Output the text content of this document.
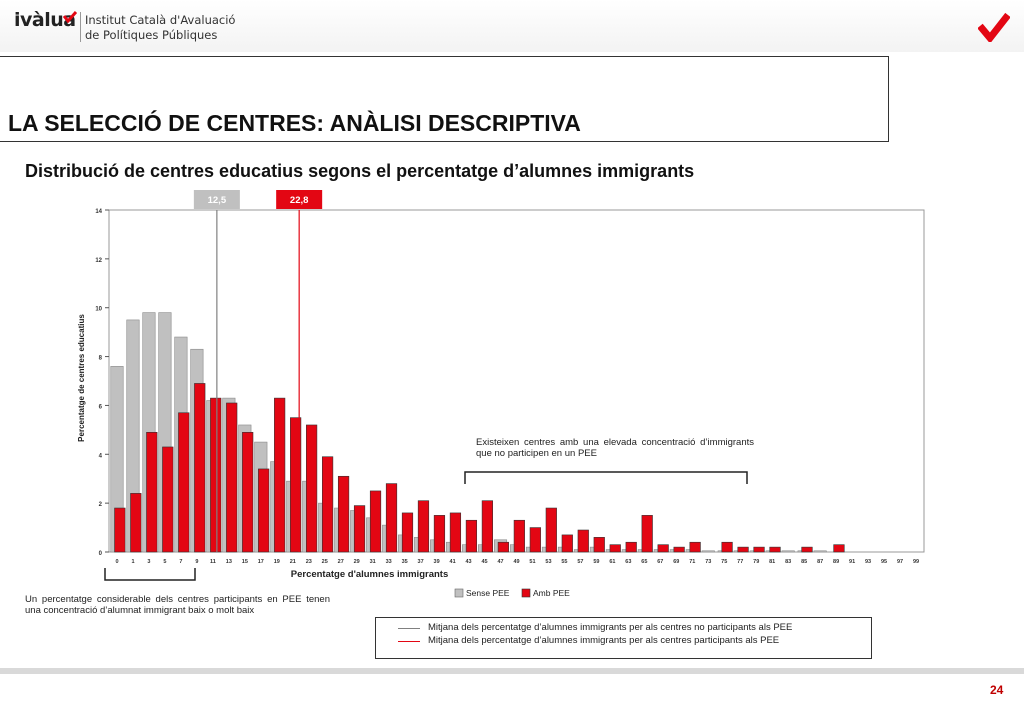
ivàlua Institut Català d'Avaluació
de Polítiques Públiques
LA SELECCIÓ DE CENTRES: ANÀLISI DESCRIPTIVA
Distribució de centres educatius segons el percentatge d’alumnes immigrants
0
2
4
6
8
10
12
14
0 1 3 5 7 9 11 13 15 17 19 21 23 25 27 29 31 33 35 37 39 41 43 45 47 49 51 53 55 57 59 61 63 65 67 69 71 73 75 77 79 81 83 85 87 89 91 93 95 97 99
12,5	22,8
Percentatge d'alumnes immigrants
Percentatge de centres educatius
Sense PEE	Amb PEE
Existeixen centres amb una elevada concentració d’immigrants que no participen en un PEE
Un percentatge considerable dels centres participants en PEE tenen una concentració d’alumnat immigrant baix o molt baix
Mitjana dels percentatge d’alumnes immigrants per als centres no participants als PEE
Mitjana dels percentatge d’alumnes immigrants per als centres participants als PEE
24
